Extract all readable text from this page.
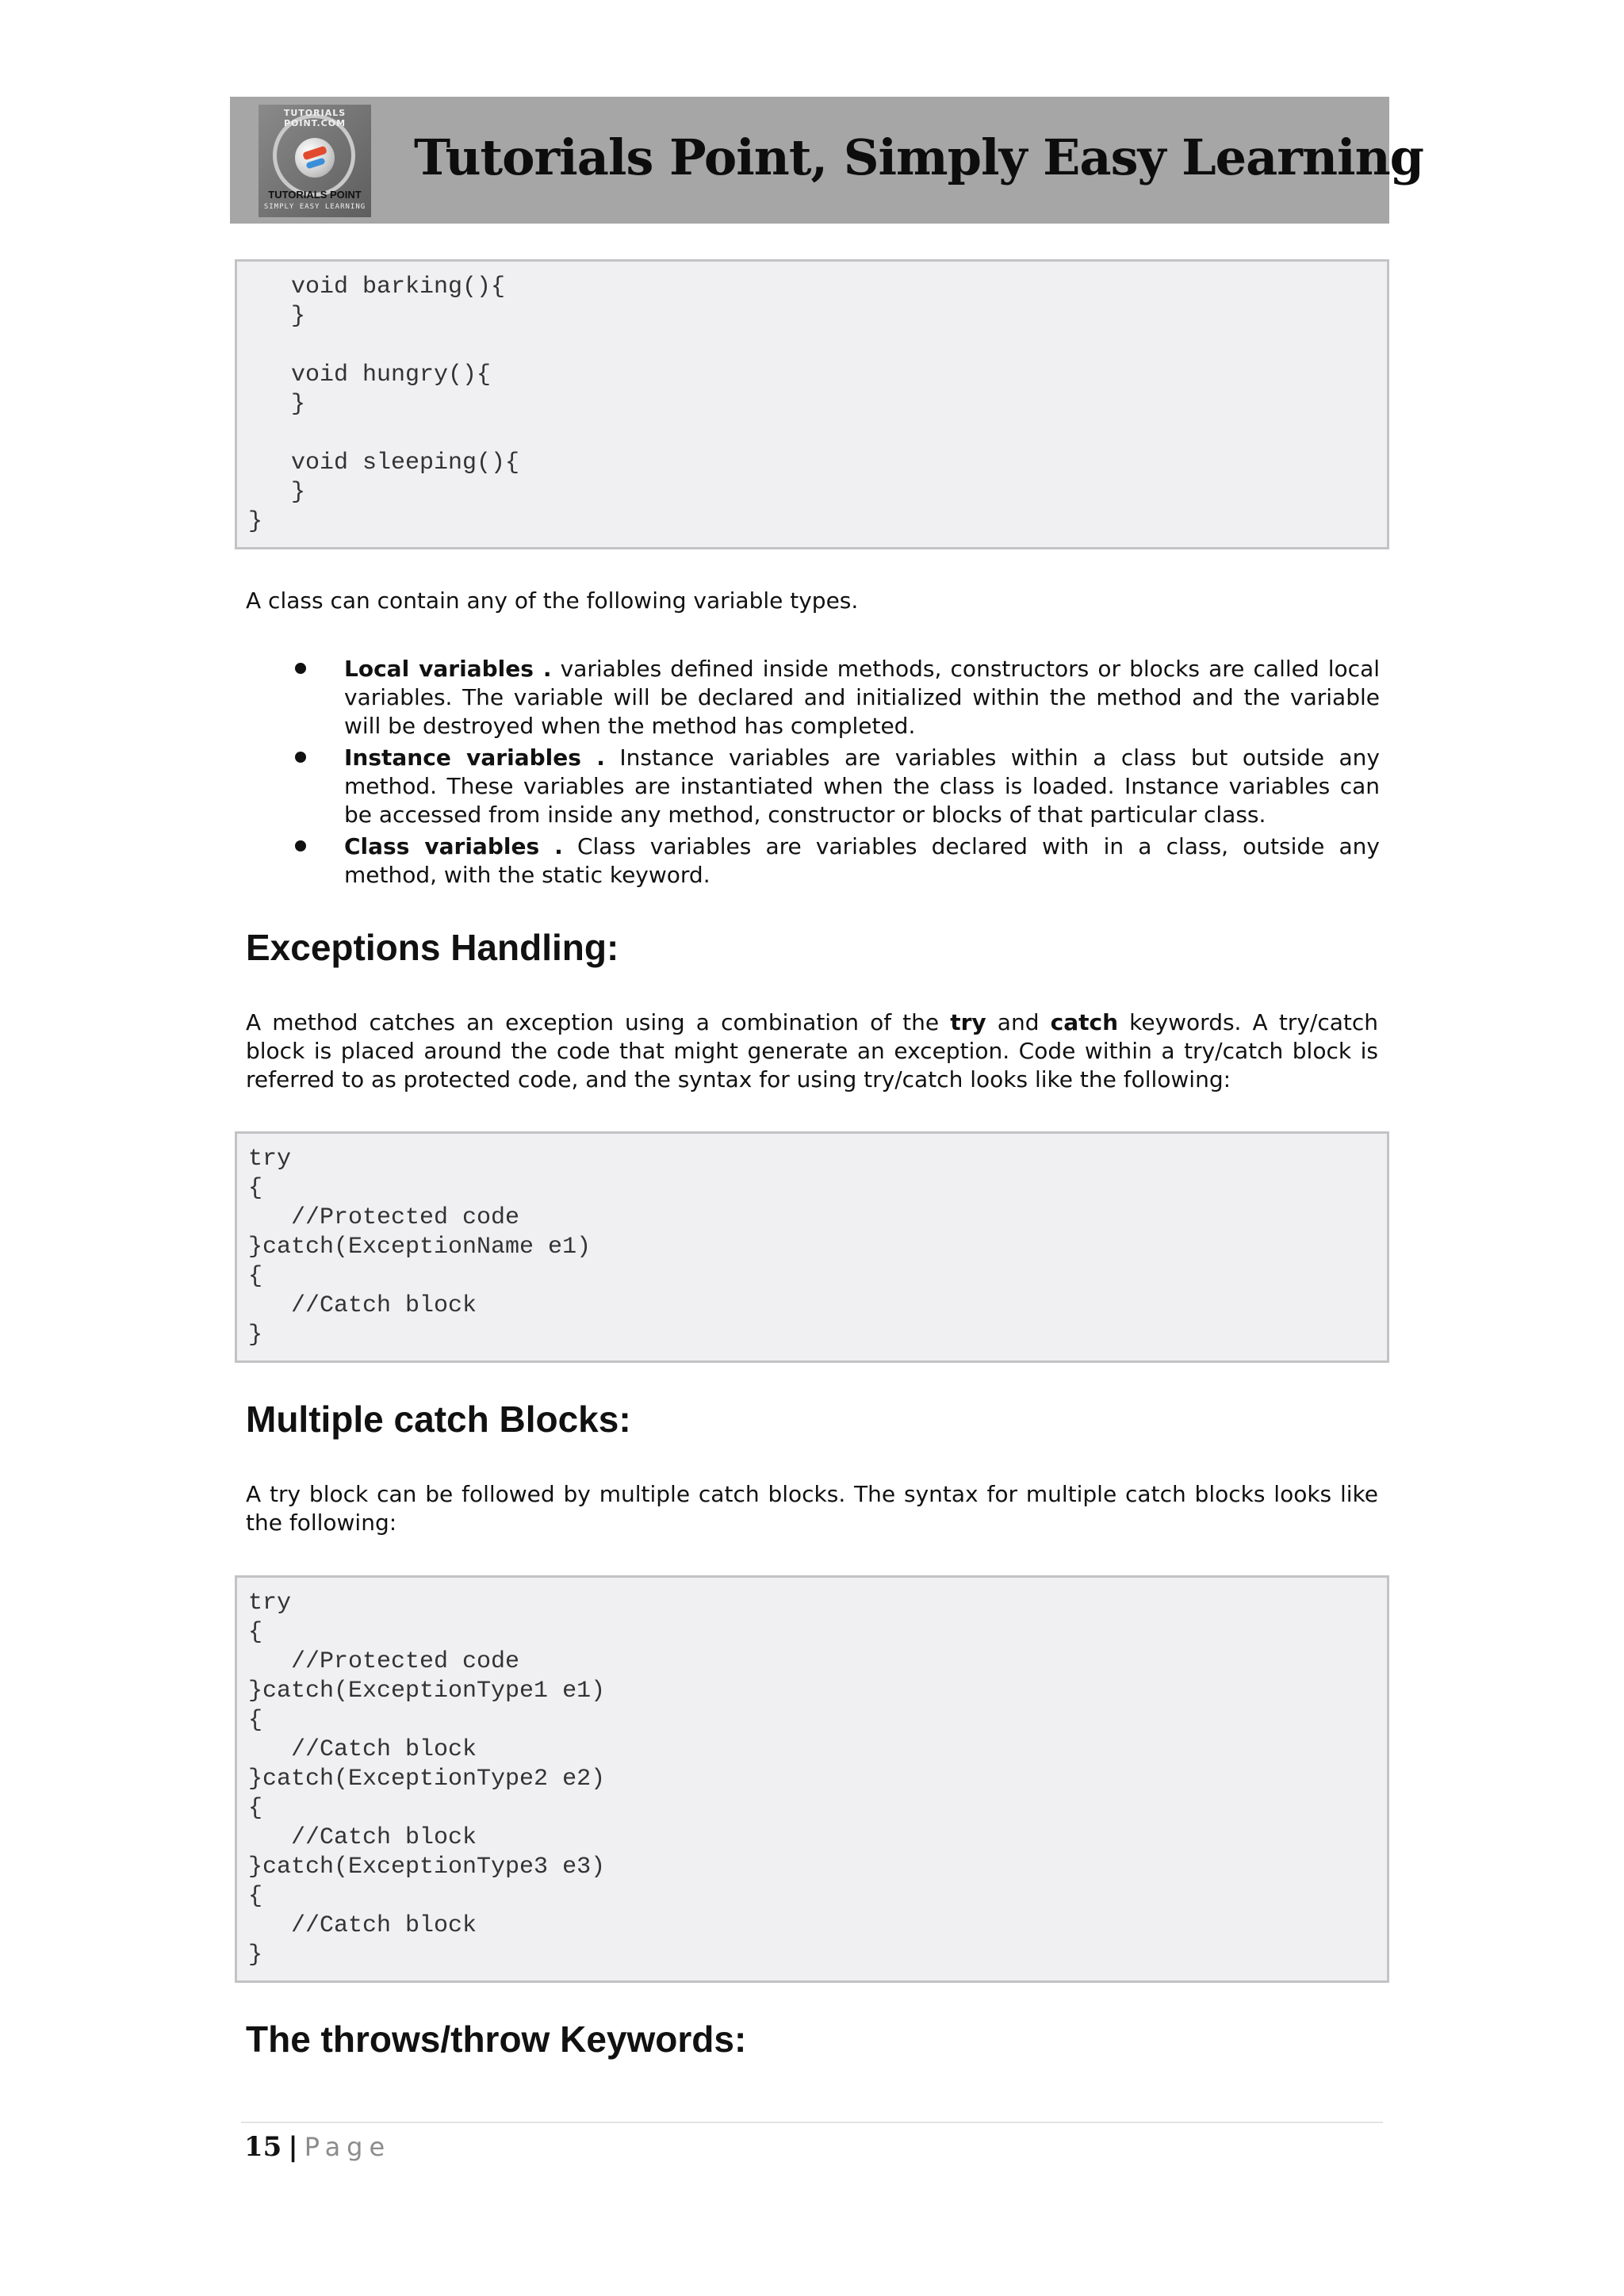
TUTORIALS POINT.COM
TUTORIALS POINT
SIMPLY EASY LEARNING
Tutorials Point, Simply Easy Learning
void barking(){
}

void hungry(){
}

void sleeping(){
}
}

A class can contain any of the following variable types.

Local variables . variables defined inside methods, constructors or blocks are called local variables. The variable will be declared and initialized within the method and the variable will be destroyed when the method has completed.
Instance variables . Instance variables are variables within a class but outside any method. These variables are instantiated when the class is loaded. Instance variables can be accessed from inside any method, constructor or blocks of that particular class.
Class variables . Class variables are variables declared with in a class, outside any method, with the static keyword.
Exceptions Handling:

A method catches an exception using a combination of the try and catch keywords. A try/catch block is placed around the code that might generate an exception. Code within a try/catch block is referred to as protected code, and the syntax for using try/catch looks like the following:

try
{
//Protected code
}catch(ExceptionName e1)
{
//Catch block
}
Multiple catch Blocks:

A try block can be followed by multiple catch blocks. The syntax for multiple catch blocks looks like the following:

try
{
//Protected code
}catch(ExceptionType1 e1)
{
//Catch block
}catch(ExceptionType2 e2)
{
//Catch block
}catch(ExceptionType3 e3)
{
//Catch block
}
The throws/throw Keywords:
15 | Page
